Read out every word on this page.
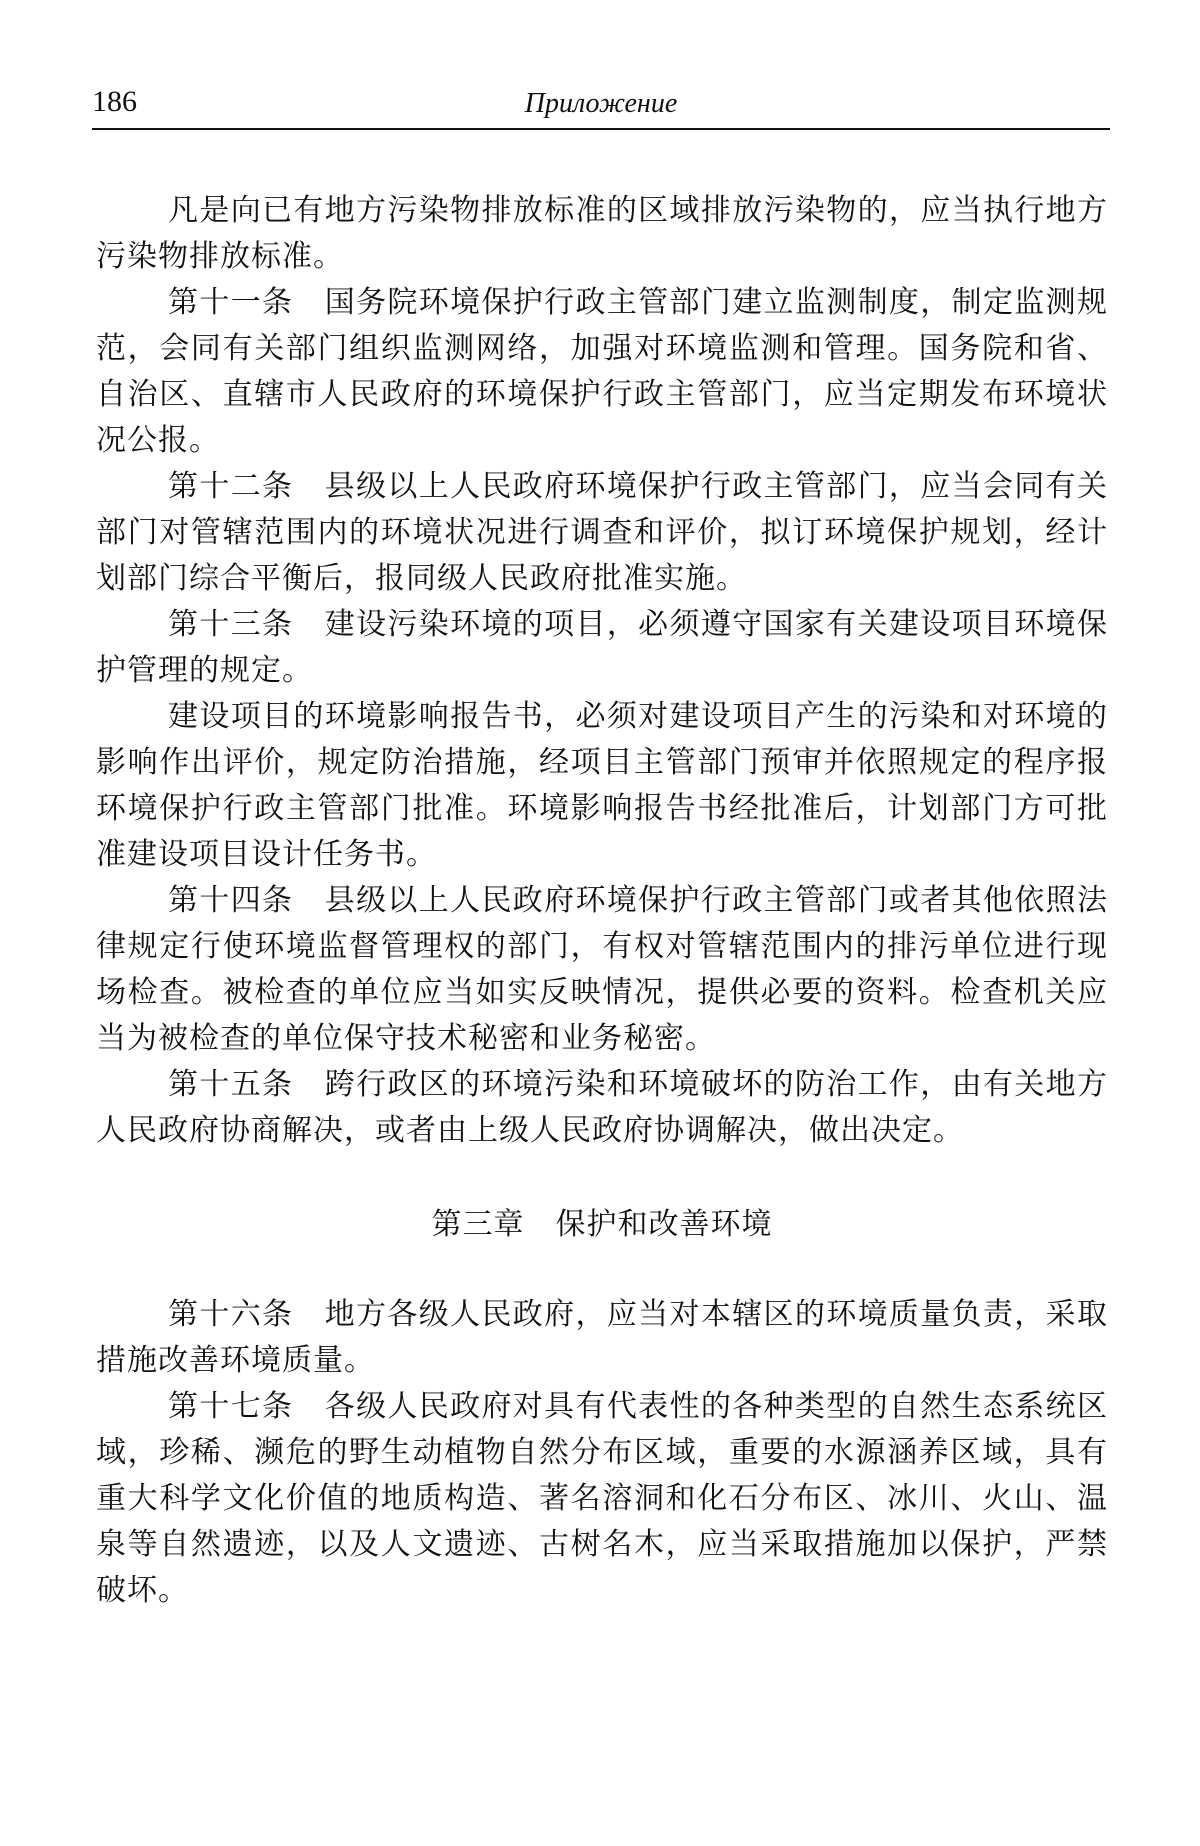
186	Приложение

凡是向已有地方污染物排放标准的区域排放污染物的，应当执行地方污染物排放标准。

第十一条　国务院环境保护行政主管部门建立监测制度，制定监测规范，会同有关部门组织监测网络，加强对环境监测和管理。国务院和省、自治区、直辖市人民政府的环境保护行政主管部门，应当定期发布环境状况公报。

第十二条　县级以上人民政府环境保护行政主管部门，应当会同有关部门对管辖范围内的环境状况进行调查和评价，拟订环境保护规划，经计划部门综合平衡后，报同级人民政府批准实施。

第十三条　建设污染环境的项目，必须遵守国家有关建设项目环境保护管理的规定。

建设项目的环境影响报告书，必须对建设项目产生的污染和对环境的影响作出评价，规定防治措施，经项目主管部门预审并依照规定的程序报环境保护行政主管部门批准。环境影响报告书经批准后，计划部门方可批准建设项目设计任务书。

第十四条　县级以上人民政府环境保护行政主管部门或者其他依照法律规定行使环境监督管理权的部门，有权对管辖范围内的排污单位进行现场检查。被检查的单位应当如实反映情况，提供必要的资料。检查机关应当为被检查的单位保守技术秘密和业务秘密。

第十五条　跨行政区的环境污染和环境破坏的防治工作，由有关地方人民政府协商解决，或者由上级人民政府协调解决，做出决定。

第三章　保护和改善环境

第十六条　地方各级人民政府，应当对本辖区的环境质量负责，采取措施改善环境质量。

第十七条　各级人民政府对具有代表性的各种类型的自然生态系统区域，珍稀、濒危的野生动植物自然分布区域，重要的水源涵养区域，具有重大科学文化价值的地质构造、著名溶洞和化石分布区、冰川、火山、温泉等自然遗迹，以及人文遗迹、古树名木，应当采取措施加以保护，严禁破坏。
